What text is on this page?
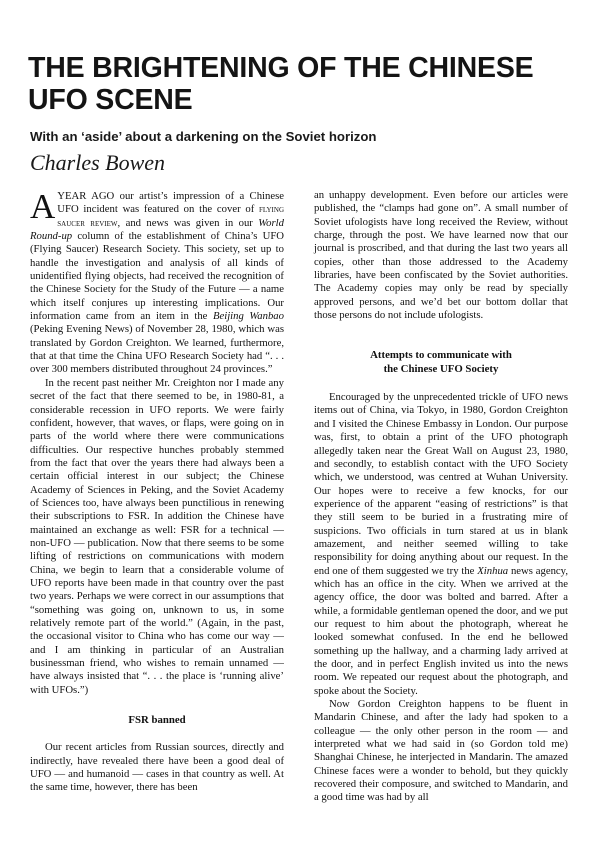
THE BRIGHTENING OF THE CHINESE UFO SCENE
With an ‘aside’ about a darkening on the Soviet horizon
Charles Bowen

AYEAR AGO our artist’s impression of a Chinese UFO incident was featured on the cover of flying saucer review, and news was given in our World Round-up column of the establishment of China’s UFO (Flying Saucer) Research Society. This society, set up to handle the investigation and analysis of all kinds of unidentified flying objects, had received the recognition of the Chinese Society for the Study of the Future — a name which itself conjures up interesting implications. Our information came from an item in the Beijing Wanbao (Peking Evening News) of November 28, 1980, which was translated by Gordon Creighton. We learned, furthermore, that at that time the China UFO Research Society had “. . . over 300 members distributed throughout 24 provinces.”

In the recent past neither Mr. Creighton nor I made any secret of the fact that there seemed to be, in 1980-81, a considerable recession in UFO reports. We were fairly confident, however, that waves, or flaps, were going on in parts of the world where there were communications difficulties. Our respective hunches probably stemmed from the fact that over the years there had always been a certain official interest in our subject; the Chinese Academy of Sciences in Peking, and the Soviet Academy of Sciences too, have always been punctilious in renewing their subscriptions to FSR. In addition the Chinese have maintained an exchange as well: FSR for a technical — non-UFO — publication. Now that there seems to be some lifting of restrictions on communications with modern China, we begin to learn that a considerable volume of UFO reports have been made in that country over the past two years. Perhaps we were correct in our assumptions that “something was going on, unknown to us, in some relatively remote part of the world.” (Again, in the past, the occasional visitor to China who has come our way — and I am thinking in particular of an Australian businessman friend, who wishes to remain unnamed — have always insisted that “. . . the place is ‘running alive’ with UFOs.”)

FSR banned

Our recent articles from Russian sources, directly and indirectly, have revealed there have been a good deal of UFO — and humanoid — cases in that country as well. At the same time, however, there has been

an unhappy development. Even before our articles were published, the “clamps had gone on”. A small number of Soviet ufologists have long received the Review, without charge, through the post. We have learned now that our journal is proscribed, and that during the last two years all copies, other than those addressed to the Academy libraries, have been confiscated by the Soviet authorities. The Academy copies may only be read by specially approved persons, and we’d bet our bottom dollar that those persons do not include ufologists.

Attempts to communicate with
the Chinese UFO Society

Encouraged by the unprecedented trickle of UFO news items out of China, via Tokyo, in 1980, Gordon Creighton and I visited the Chinese Embassy in London. Our purpose was, first, to obtain a print of the UFO photograph allegedly taken near the Great Wall on August 23, 1980, and secondly, to establish contact with the UFO Society which, we understood, was centred at Wuhan University. Our hopes were to receive a few knocks, for our experience of the apparent “easing of restrictions” is that they still seem to be buried in a frustrating mire of suspicions. Two officials in turn stared at us in blank amazement, and neither seemed willing to take responsibility for doing anything about our request. In the end one of them suggested we try the Xinhua news agency, which has an office in the city. When we arrived at the agency office, the door was bolted and barred. After a while, a formidable gentleman opened the door, and we put our request to him about the photograph, whereat he looked somewhat confused. In the end he bellowed something up the hallway, and a charming lady arrived at the door, and in perfect English invited us into the news room. We repeated our request about the photograph, and spoke about the Society.

Now Gordon Creighton happens to be fluent in Mandarin Chinese, and after the lady had spoken to a colleague — the only other person in the room — and interpreted what we had said in (so Gordon told me) Shanghai Chinese, he interjected in Mandarin. The amazed Chinese faces were a wonder to behold, but they quickly recovered their composure, and switched to Mandarin, and a good time was had by all
